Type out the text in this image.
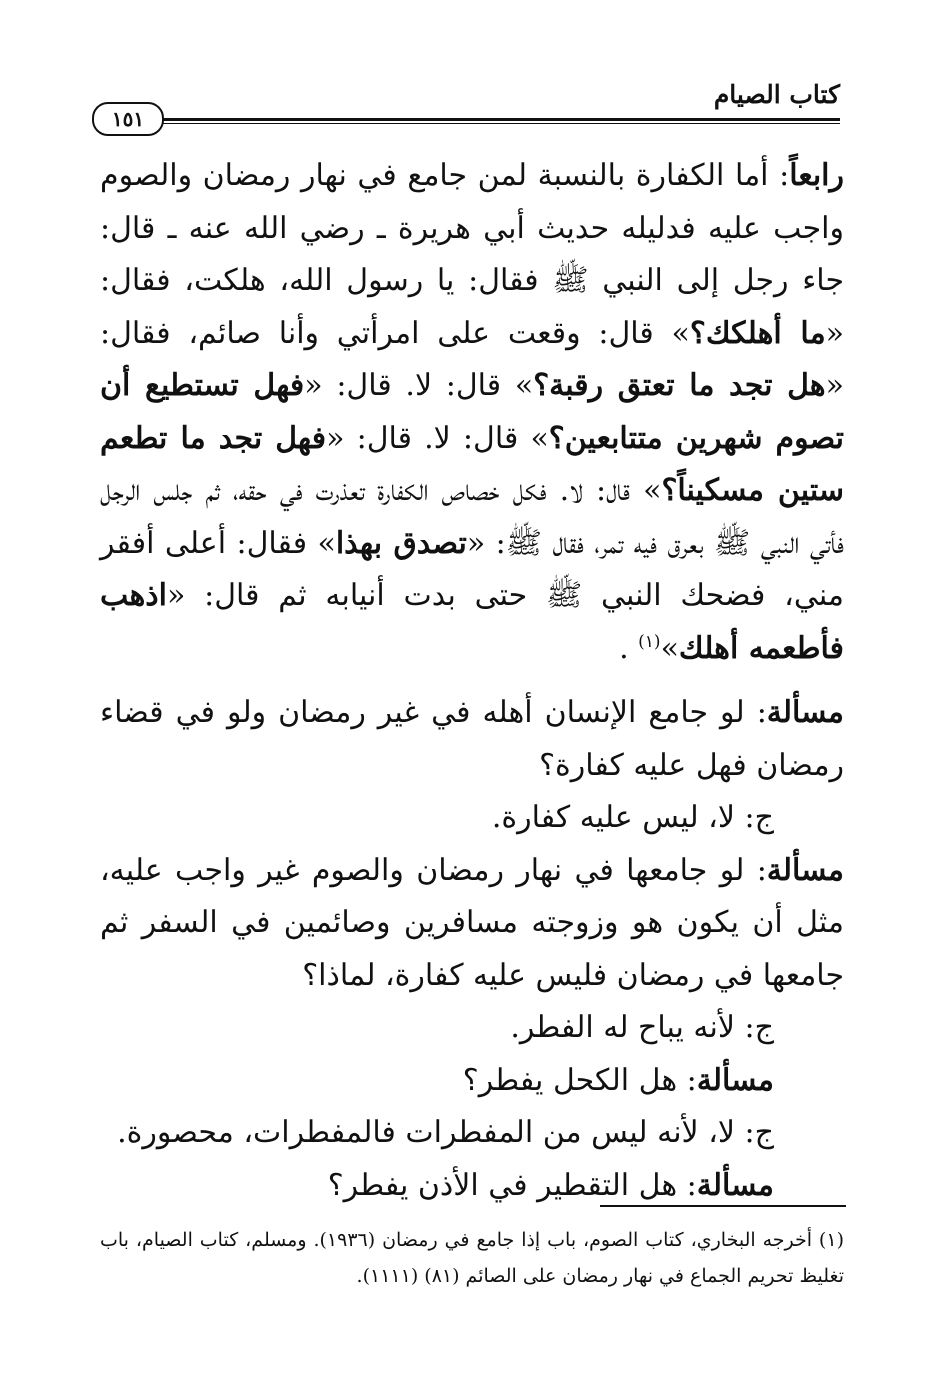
كتاب الصيام
١٥١

رابعاً: أما الكفارة بالنسبة لمن جامع في نهار رمضان والصوم واجب عليه فدليله حديث أبي هريرة ـ رضي الله عنه ـ قال: جاء رجل إلى النبي ﷺ فقال: يا رسول الله، هلكت، فقال: «ما أهلكك؟» قال: وقعت على امرأتي وأنا صائم، فقال: «هل تجد ما تعتق رقبة؟» قال: لا. قال: «فهل تستطيع أن تصوم شهرين متتابعين؟» قال: لا. قال: «فهل تجد ما تطعم ستين مسكيناً؟» قال: لا. فكل خصاص الكفارة تعذرت في حقه، ثم جلس الرجل فأتي النبي ﷺ بعرق فيه تمر، فقال ﷺ: «تصدق بهذا» فقال: أعلى أفقر مني، فضحك النبي ﷺ حتى بدت أنيابه ثم قال: «اذهب فأطعمه أهلك»$^{(١)}$ .

مسألة: لو جامع الإنسان أهله في غير رمضان ولو في قضاء رمضان فهل عليه كفارة؟

ج: لا، ليس عليه كفارة.

مسألة: لو جامعها في نهار رمضان والصوم غير واجب عليه، مثل أن يكون هو وزوجته مسافرين وصائمين في السفر ثم جامعها في رمضان فليس عليه كفارة، لماذا؟

ج: لأنه يباح له الفطر.

مسألة: هل الكحل يفطر؟

ج: لا، لأنه ليس من المفطرات فالمفطرات، محصورة.

مسألة: هل التقطير في الأذن يفطر؟

(١) أخرجه البخاري، كتاب الصوم، باب إذا جامع في رمضان (١٩٣٦). ومسلم، كتاب الصيام، باب تغليظ تحريم الجماع في نهار رمضان على الصائم (٨١) (١١١١).
